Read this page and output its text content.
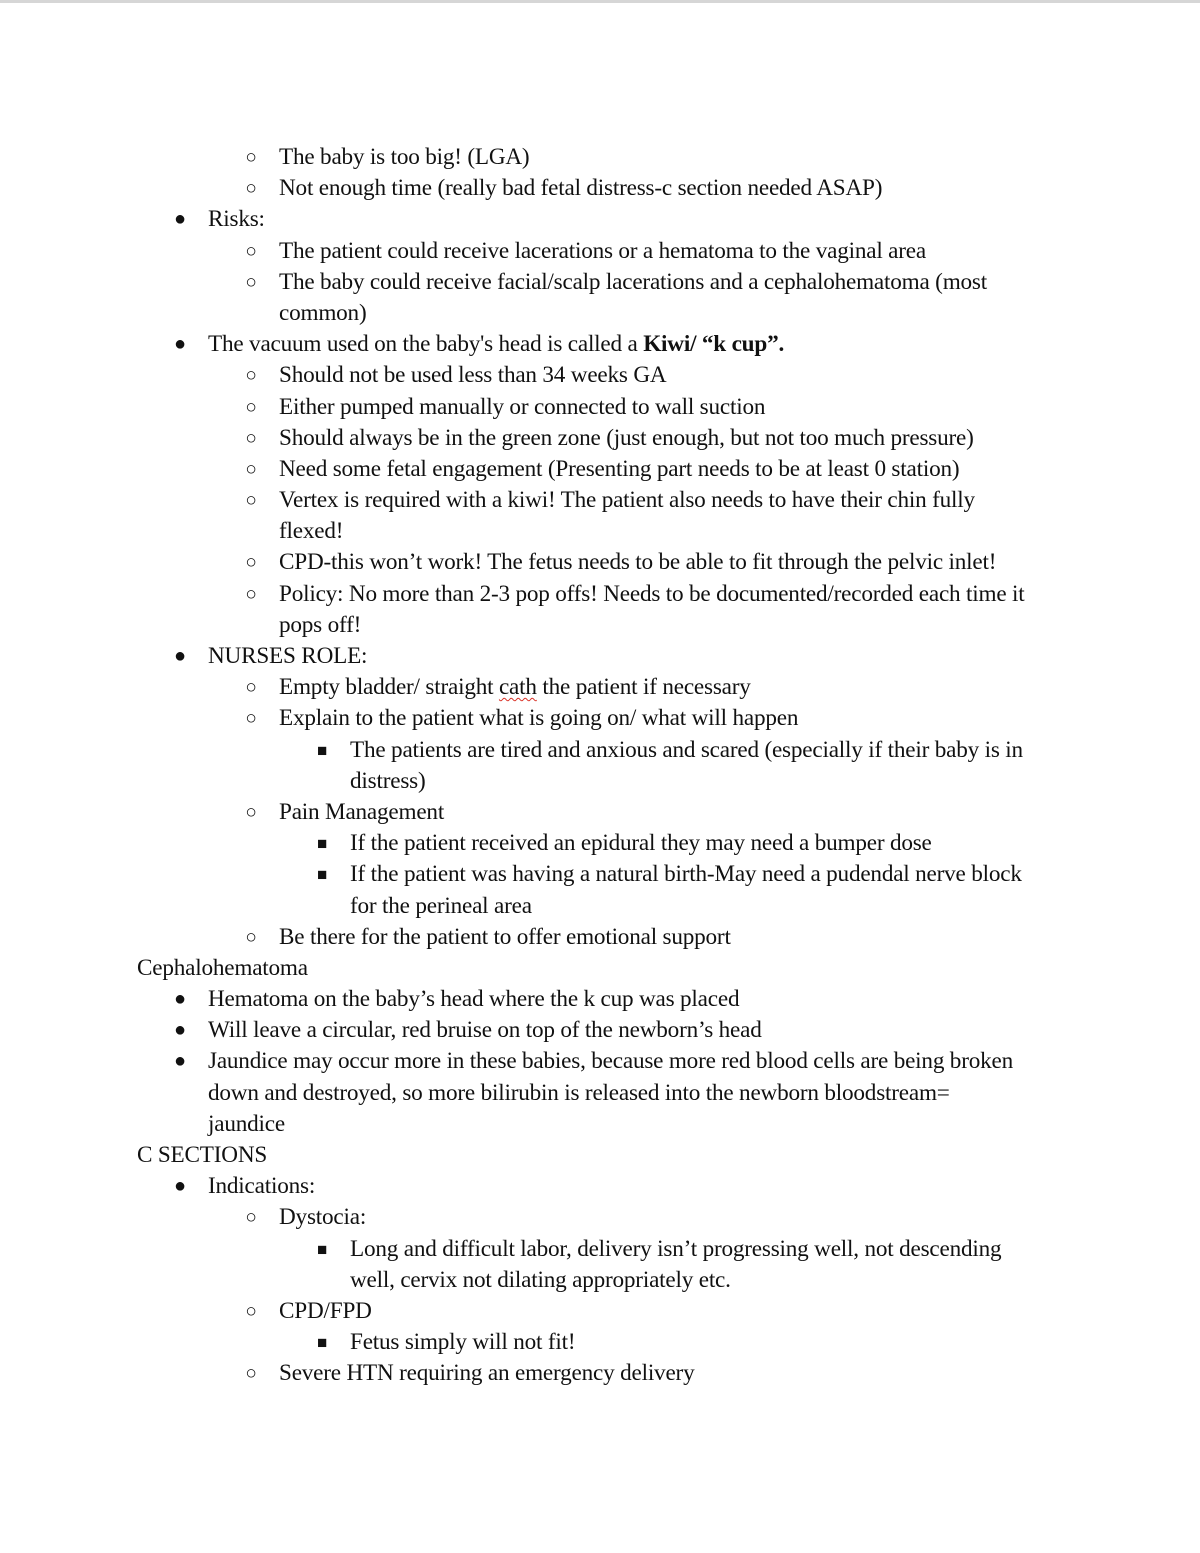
○ The baby is too big! (LGA)
○ Not enough time (really bad fetal distress-c section needed ASAP)
● Risks:
○ The patient could receive lacerations or a hematoma to the vaginal area
○ The baby could receive facial/scalp lacerations and a cephalohematoma (most
common)
● The vacuum used on the baby's head is called a Kiwi/ “k cup”.
○ Should not be used less than 34 weeks GA
○ Either pumped manually or connected to wall suction
○ Should always be in the green zone (just enough, but not too much pressure)
○ Need some fetal engagement (Presenting part needs to be at least 0 station)
○ Vertex is required with a kiwi! The patient also needs to have their chin fully
flexed!
○ CPD-this won’t work! The fetus needs to be able to fit through the pelvic inlet!
○ Policy: No more than 2-3 pop offs! Needs to be documented/recorded each time it
pops off!
● NURSES ROLE:
○ Empty bladder/ straight cath the patient if necessary
○ Explain to the patient what is going on/ what will happen
■ The patients are tired and anxious and scared (especially if their baby is in
distress)
○ Pain Management
■ If the patient received an epidural they may need a bumper dose
■ If the patient was having a natural birth-May need a pudendal nerve block
for the perineal area
○ Be there for the patient to offer emotional support
Cephalohematoma
● Hematoma on the baby’s head where the k cup was placed
● Will leave a circular, red bruise on top of the newborn’s head
● Jaundice may occur more in these babies, because more red blood cells are being broken
down and destroyed, so more bilirubin is released into the newborn bloodstream=
jaundice
C SECTIONS
● Indications:
○ Dystocia:
■ Long and difficult labor, delivery isn’t progressing well, not descending
well, cervix not dilating appropriately etc.
○ CPD/FPD
■ Fetus simply will not fit!
○ Severe HTN requiring an emergency delivery
